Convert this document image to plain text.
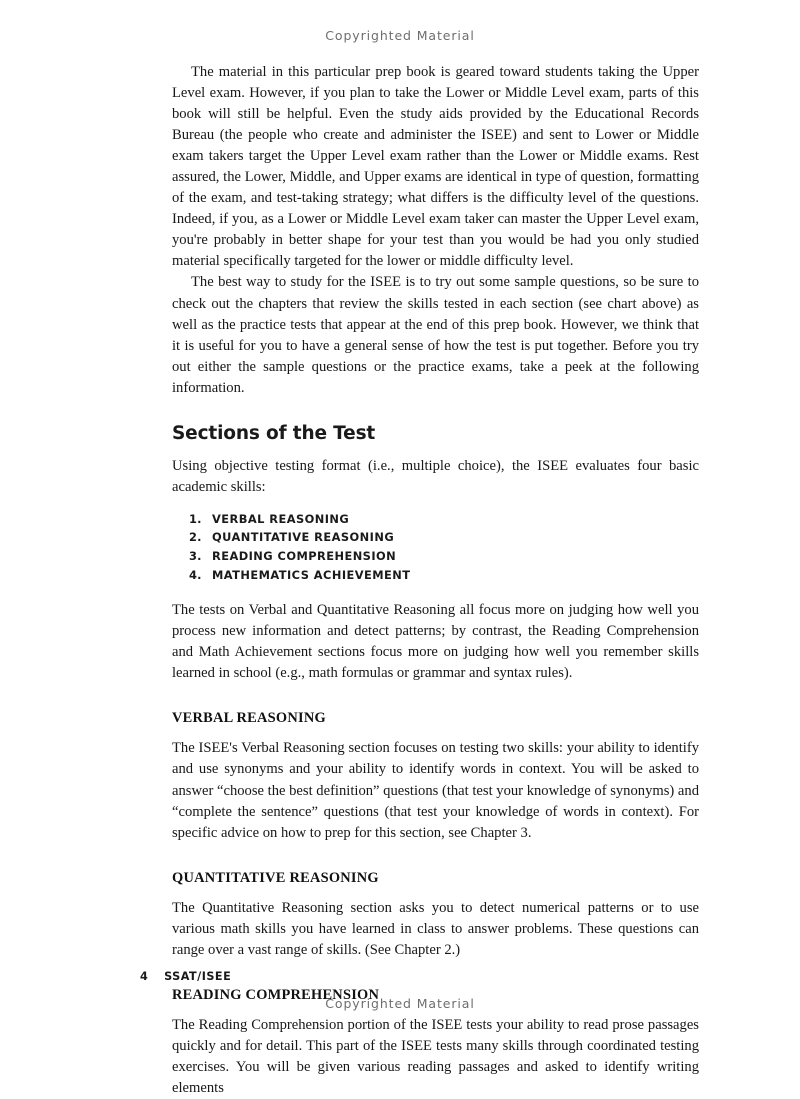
Copyrighted Material

The material in this particular prep book is geared toward students taking the Upper Level exam. However, if you plan to take the Lower or Middle Level exam, parts of this book will still be helpful. Even the study aids provided by the Educational Records Bureau (the people who create and administer the ISEE) and sent to Lower or Middle exam takers target the Upper Level exam rather than the Lower or Middle exams. Rest assured, the Lower, Middle, and Upper exams are identical in type of question, formatting of the exam, and test-taking strategy; what differs is the difficulty level of the questions. Indeed, if you, as a Lower or Middle Level exam taker can master the Upper Level exam, you're probably in better shape for your test than you would be had you only studied material specifically targeted for the lower or middle difficulty level.

The best way to study for the ISEE is to try out some sample questions, so be sure to check out the chapters that review the skills tested in each section (see chart above) as well as the practice tests that appear at the end of this prep book. However, we think that it is useful for you to have a general sense of how the test is put together. Before you try out either the sample questions or the practice exams, take a peek at the following information.

Sections of the Test

Using objective testing format (i.e., multiple choice), the ISEE evaluates four basic academic skills:

1. VERBAL REASONING
2. QUANTITATIVE REASONING
3. READING COMPREHENSION
4. MATHEMATICS ACHIEVEMENT

The tests on Verbal and Quantitative Reasoning all focus more on judging how well you process new information and detect patterns; by contrast, the Reading Comprehension and Math Achievement sections focus more on judging how well you remember skills learned in school (e.g., math formulas or grammar and syntax rules).

VERBAL REASONING

The ISEE's Verbal Reasoning section focuses on testing two skills: your ability to identify and use synonyms and your ability to identify words in context. You will be asked to answer “choose the best definition” questions (that test your knowledge of synonyms) and “complete the sentence” questions (that test your knowledge of words in context). For specific advice on how to prep for this section, see Chapter 3.

QUANTITATIVE REASONING

The Quantitative Reasoning section asks you to detect numerical patterns or to use various math skills you have learned in class to answer problems. These questions can range over a vast range of skills. (See Chapter 2.)

READING COMPREHENSION

The Reading Comprehension portion of the ISEE tests your ability to read prose passages quickly and for detail. This part of the ISEE tests many skills through coordinated testing exercises. You will be given various reading passages and asked to identify writing elements

4 SSAT/ISEE
Copyrighted Material
